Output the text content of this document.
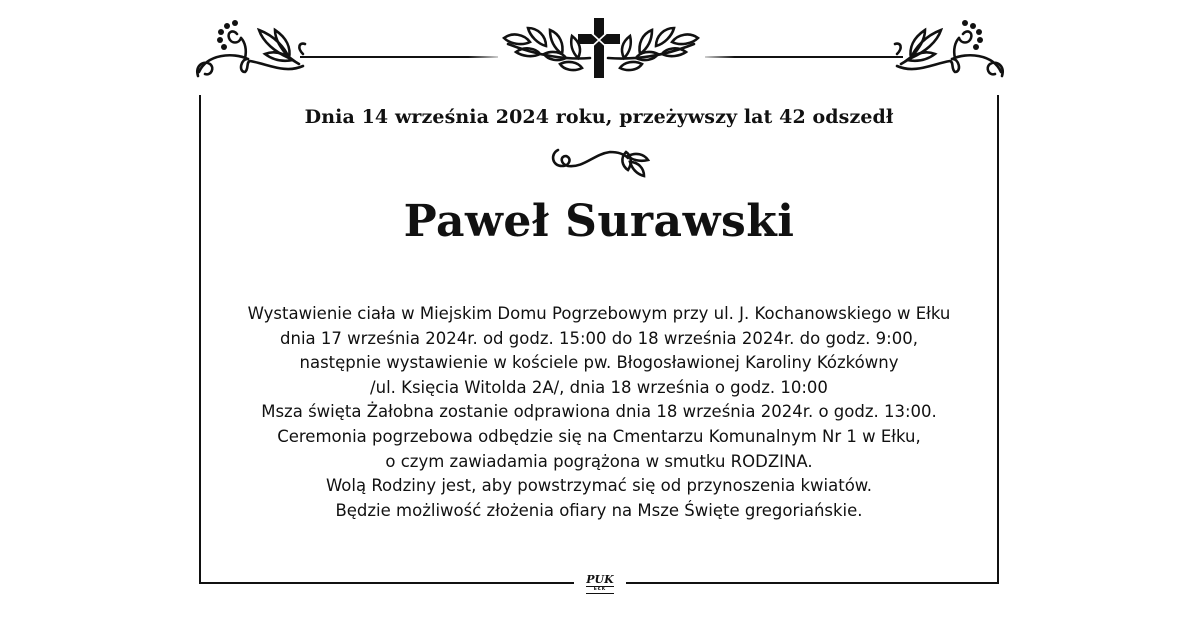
Dnia 14 września 2024 roku, przeżywszy lat 42 odszedł
Paweł Surawski
Wystawienie ciała w Miejskim Domu Pogrzebowym przy ul. J. Kochanowskiego w Ełku
dnia 17 września 2024r. od godz. 15:00 do 18 września 2024r. do godz. 9:00,
następnie wystawienie w kościele pw. Błogosławionej Karoliny Kózkówny
/ul. Księcia Witolda 2A/, dnia 18 września o godz. 10:00
Msza święta Żałobna zostanie odprawiona dnia 18 września 2024r. o godz. 13:00.
Ceremonia pogrzebowa odbędzie się na Cmentarzu Komunalnym Nr 1 w Ełku,
o czym zawiadamia pogrążona w smutku RODZINA.
Wolą Rodziny jest, aby powstrzymać się od przynoszenia kwiatów.
Będzie możliwość złożenia ofiary na Msze Święte gregoriańskie.
PUK
EŁK
